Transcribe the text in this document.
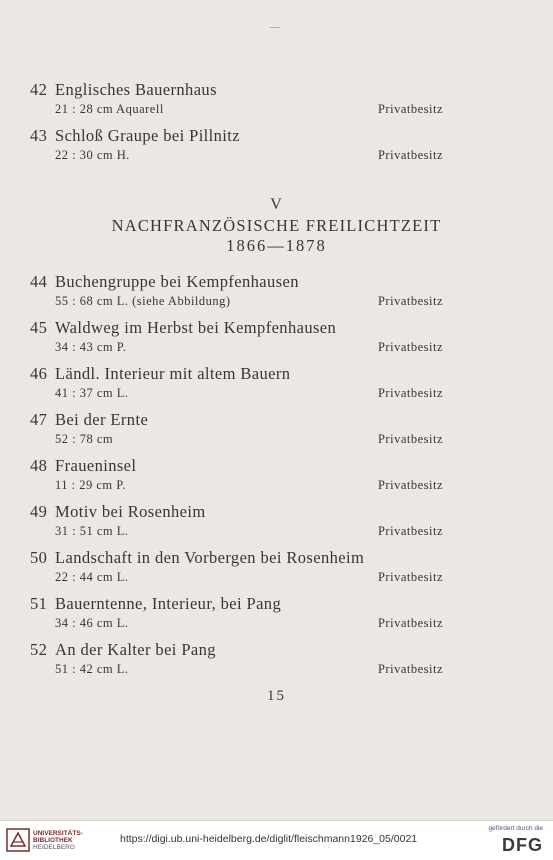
—
42 Englisches Bauernhaus
21 : 28 cm Aquarell	Privatbesitz
43 Schloß Graupe bei Pillnitz
22 : 30 cm H.	Privatbesitz
V
NACHFRANZÖSISCHE FREILICHTZEIT
1866—1878
44 Buchengruppe bei Kempfenhausen
55 : 68 cm L. (siehe Abbildung)	Privatbesitz
45 Waldweg im Herbst bei Kempfenhausen
34 : 43 cm P.	Privatbesitz
46 Ländl. Interieur mit altem Bauern
41 : 37 cm L.	Privatbesitz
47 Bei der Ernte
52 : 78 cm	Privatbesitz
48 Fraueninsel
11 : 29 cm P.	Privatbesitz
49 Motiv bei Rosenheim
31 : 51 cm L.	Privatbesitz
50 Landschaft in den Vorbergen bei Rosenheim
22 : 44 cm L.	Privatbesitz
51 Bauerntenne, Interieur, bei Pang
34 : 46 cm L.	Privatbesitz
52 An der Kalter bei Pang
51 : 42 cm L.	Privatbesitz
15
UNIVERSITÄTS-
BIBLIOTHEK
HEIDELBERG
https://digi.ub.uni-heidelberg.de/diglit/fleischmann1926_05/0021
gefördert durch die
DFG
